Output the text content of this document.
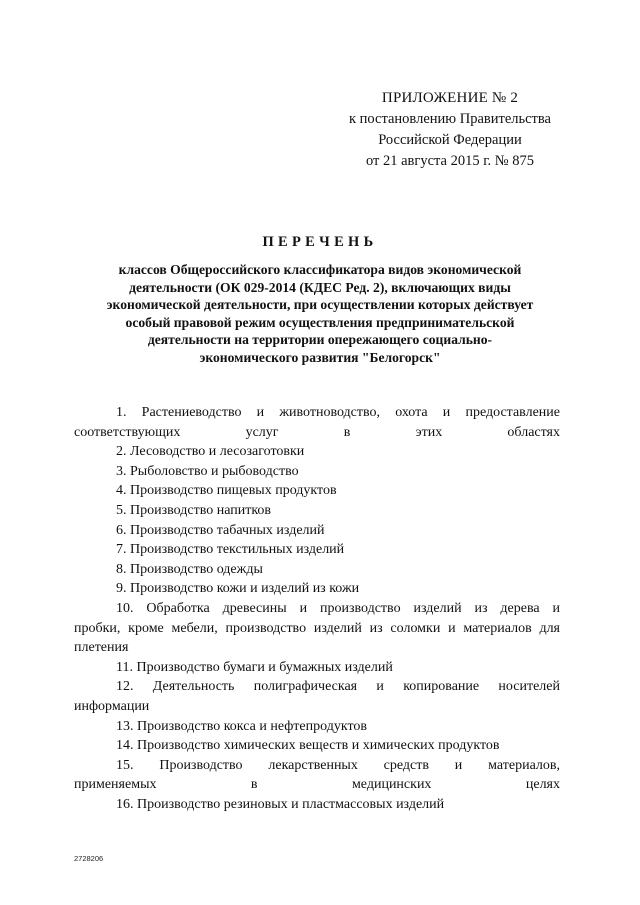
ПРИЛОЖЕНИЕ № 2
к постановлению Правительства
Российской Федерации
от 21 августа 2015 г. № 875
ПЕРЕЧЕНЬ
классов Общероссийского классификатора видов экономической
деятельности (ОК 029-2014 (КДЕС Ред. 2), включающих виды
экономической деятельности, при осуществлении которых действует
особый правовой режим осуществления предпринимательской
деятельности на территории опережающего социально-
экономического развития "Белогорск"
1. Растениеводство и животноводство, охота и предоставление
соответствующих услуг в этих областях
2. Лесоводство и лесозаготовки
3. Рыболовство и рыбоводство
4. Производство пищевых продуктов
5. Производство напитков
6. Производство табачных изделий
7. Производство текстильных изделий
8. Производство одежды
9. Производство кожи и изделий из кожи
10. Обработка древесины и производство изделий из дерева и
пробки, кроме мебели, производство изделий из соломки и материалов для
плетения
11. Производство бумаги и бумажных изделий
12. Деятельность полиграфическая и копирование носителей
информации
13. Производство кокса и нефтепродуктов
14. Производство химических веществ и химических продуктов
15. Производство лекарственных средств и материалов,
применяемых в медицинских целях
16. Производство резиновых и пластмассовых изделий
2728206
